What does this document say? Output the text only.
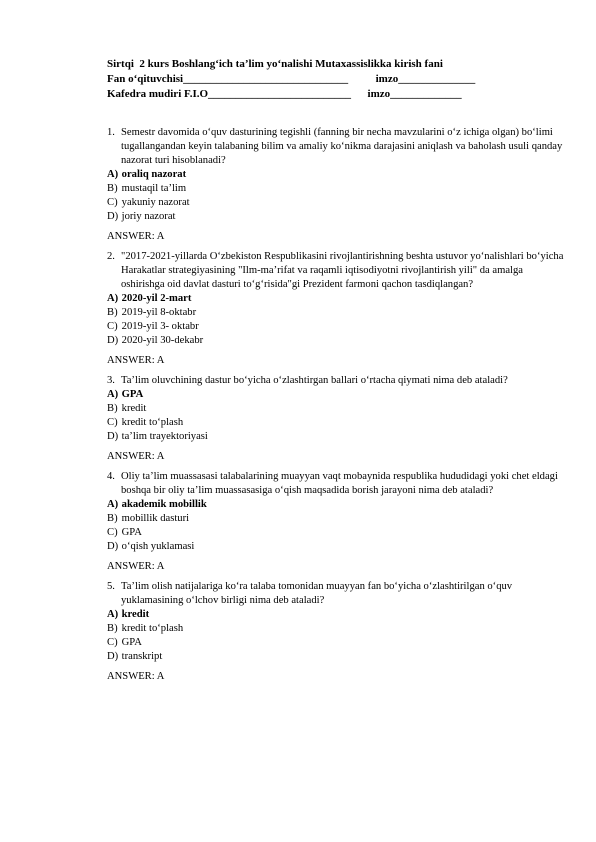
Sirtqi  2 kurs Boshlang‘ich ta’lim yo‘nalishi Mutaxassislikka kirish fani
Fan o‘qituvchisi______________________________	imzo______________
Kafedra mudiri F.I.O__________________________ imzo_____________
1. Semestr davomida o‘quv dasturining tegishli (fanning bir necha mavzularini o‘z ichiga olgan) bo‘limi tugallangandan keyin talabaning bilim va amaliy ko‘nikma darajasini aniqlash va baholash usuli qanday nazorat turi hisoblanadi?
A) oraliq nazorat
B) mustaqil ta’lim
C) yakuniy nazorat
D) joriy nazorat
ANSWER: A
2. "2017-2021-yillarda O‘zbekiston Respublikasini rivojlantirishning beshta ustuvor yo‘nalishlari bo‘yicha Harakatlar strategiyasining "Ilm-ma’rifat va raqamli iqtisodiyotni rivojlantirish yili" da amalga oshirishga oid davlat dasturi to‘g‘risida"gi Prezident farmoni qachon tasdiqlangan?
A) 2020-yil 2-mart
B) 2019-yil 8-oktabr
C) 2019-yil 3- oktabr
D) 2020-yil 30-dekabr
ANSWER: A
3. Ta’lim oluvchining dastur bo‘yicha o‘zlashtirgan ballari o‘rtacha qiymati nima deb ataladi?
A) GPA
B) kredit
C) kredit to‘plash
D) ta’lim trayektoriyasi
ANSWER: A
4. Oliy ta’lim muassasasi talabalarining muayyan vaqt mobaynida respublika hududidagi yoki chet eldagi boshqa bir oliy ta’lim muassasasiga o‘qish maqsadida borish jarayoni nima deb ataladi?
A) akademik mobillik
B) mobillik dasturi
C) GPA
D) o‘qish yuklamasi
ANSWER: A
5. Ta’lim olish natijalariga ko‘ra talaba tomonidan muayyan fan bo‘yicha o‘zlashtirilgan o‘quv yuklamasining o‘lchov birligi nima deb ataladi?
A) kredit
B) kredit to‘plash
C) GPA
D) transkript
ANSWER: A
